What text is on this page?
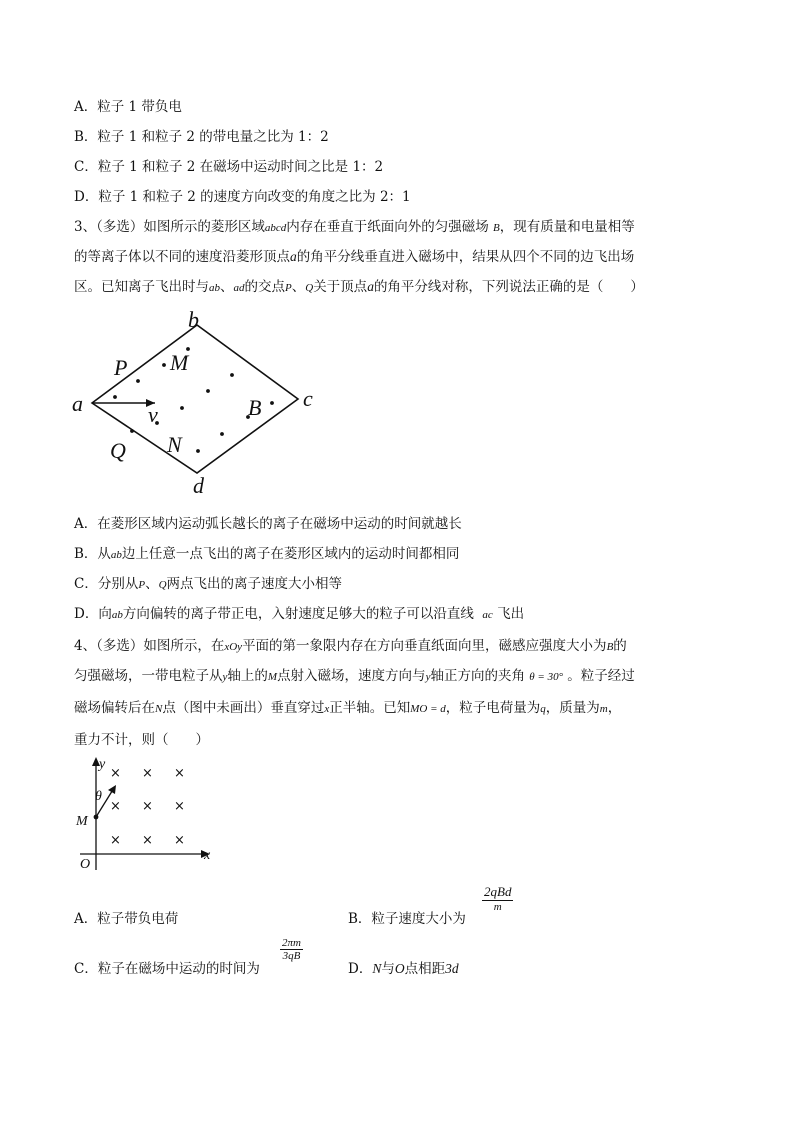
A．粒子 1 带负电
B．粒子 1 和粒子 2 的带电量之比为 1：2
C．粒子 1 和粒子 2 在磁场中运动时间之比是 1：2
D．粒子 1 和粒子 2 的速度方向改变的角度之比为 2：1
3、（多选）如图所示的菱形区域abcd内存在垂直于纸面向外的匀强磁场 B，现有质量和电量相等
的等离子体以不同的速度沿菱形顶点a的角平分线垂直进入磁场中，结果从四个不同的边飞出场
区。已知离子飞出时与ab、ad的交点P、Q关于顶点a的角平分线对称，下列说法正确的是（　　）
a
b
c
d
P
Q
M
N
B
v
A．在菱形区域内运动弧长越长的离子在磁场中运动的时间就越长
B．从ab边上任意一点飞出的离子在菱形区域内的运动时间都相同
C．分别从P、Q两点飞出的离子速度大小相等
D．向ab方向偏转的离子带正电，入射速度足够大的粒子可以沿直线 ac 飞出
4、（多选）如图所示，在xOy平面的第一象限内存在方向垂直纸面向里，磁感应强度大小为B的
匀强磁场，一带电粒子从y轴上的M点射入磁场，速度方向与y轴正方向的夹角 θ = 30° 。粒子经过
磁场偏转后在N点（图中未画出）垂直穿过x正半轴。已知MO = d，粒子电荷量为q，质量为m，
重力不计，则（　　）
× × ×
× × ×
× × ×
y
x
O
M
θ
A．粒子带负电荷	B．粒子速度大小为
2qBd
m
C．粒子在磁场中运动的时间为
$\frac{2\pi m}{3qB}$
D．N与O点相距3d
